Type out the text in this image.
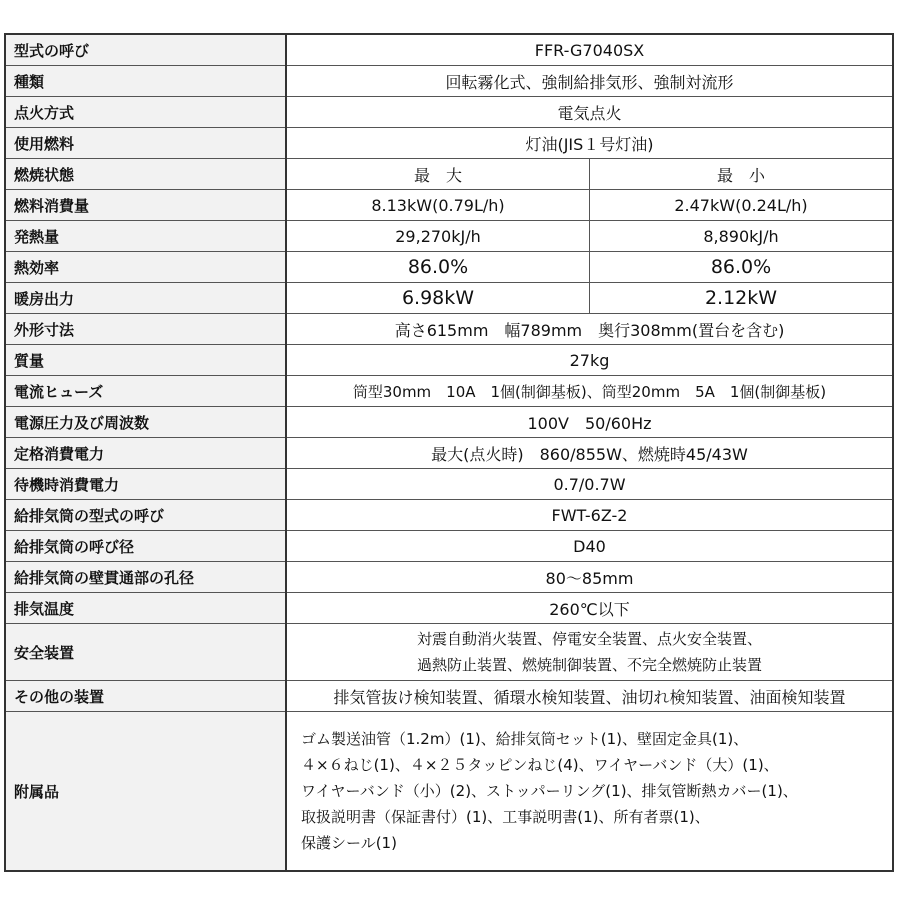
型式の呼び	FFR-G7040SX	
種類	回転霧化式、強制給排気形、強制対流形	
点火方式	電気点火	
使用燃料	灯油(JIS１号灯油)	
燃焼状態	最　大	最　小
燃料消費量	8.13kW(0.79L/h)	2.47kW(0.24L/h)
発熱量	29,270kJ/h	8,890kJ/h
熱効率	86.0%	86.0%
暖房出力	6.98kW	2.12kW
外形寸法	高さ615mm　幅789mm　奥行308mm(置台を含む)	
質量	27kg	
電流ヒューズ	筒型30mm　10A　1個(制御基板)、筒型20mm　5A　1個(制御基板)	
電源圧力及び周波数	100V　50/60Hz	
定格消費電力	最大(点火時)　860/855W、燃焼時45/43W	
待機時消費電力	0.7/0.7W	
給排気筒の型式の呼び	FWT-6Z-2	
給排気筒の呼び径	D40	
給排気筒の壁貫通部の孔径	80～85mm	
排気温度	260℃以下	
安全装置	対震自動消火装置、停電安全装置、点火安全装置、
過熱防止装置、燃焼制御装置、不完全燃焼防止装置	

その他の装置	排気管抜け検知装置、循環水検知装置、油切れ検知装置、油面検知装置	
附属品	ゴム製送油管（1.2m）(1)、給排気筒セット(1)、壁固定金具(1)、
４×６ねじ(1)、４×２５タッピンねじ(4)、ワイヤーバンド（大）(1)、
ワイヤーバンド（小）(2)、ストッパーリング(1)、排気管断熱カバー(1)、
取扱説明書（保証書付）(1)、工事説明書(1)、所有者票(1)、
保護シール(1)	
